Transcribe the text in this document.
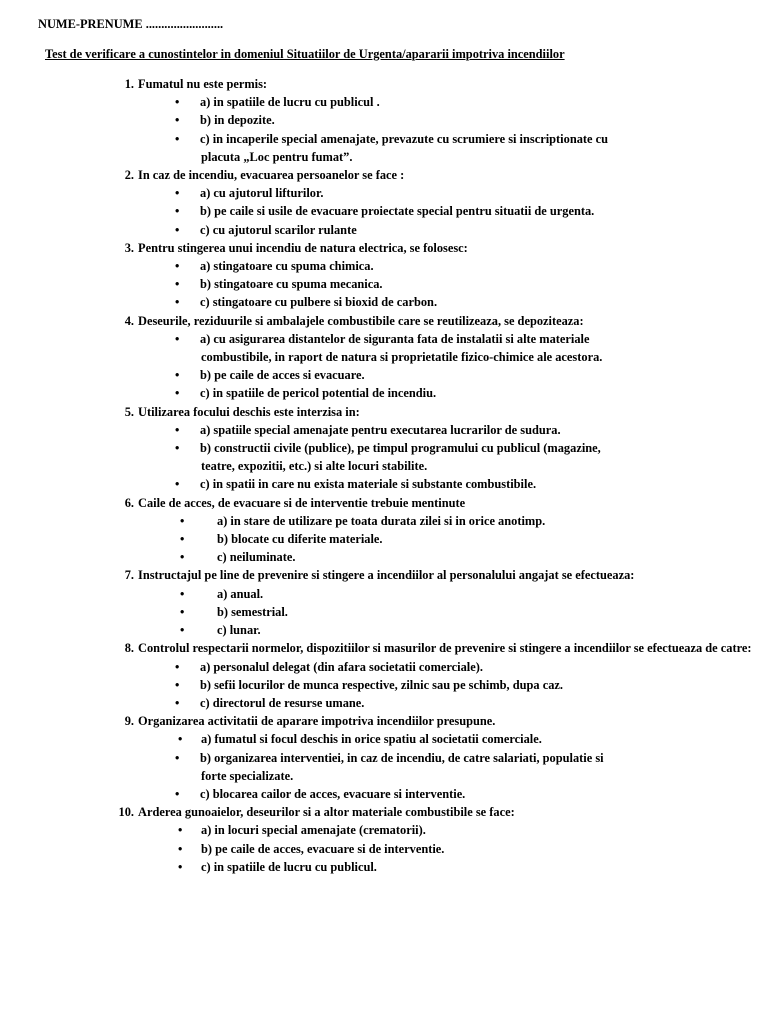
NUME-PRENUME .........................
Test de verificare a cunostintelor in domeniul Situatiilor de Urgenta/apararii impotriva incendiilor
1. Fumatul nu este permis:
• a) in spatiile de lucru cu publicul .
• b) in depozite.
• c) in incaperile special amenajate, prevazute cu scrumiere si inscriptionate cu
placuta „Loc pentru fumat”.
2. In caz de incendiu, evacuarea persoanelor se face :
• a) cu ajutorul lifturilor.
• b) pe caile si usile de evacuare proiectate special pentru situatii de urgenta.
• c) cu ajutorul scarilor rulante
3. Pentru stingerea unui incendiu de natura electrica, se folosesc:
• a) stingatoare cu spuma chimica.
• b) stingatoare cu spuma mecanica.
• c) stingatoare cu pulbere si bioxid de carbon.
4. Deseurile, reziduurile si ambalajele combustibile care se reutilizeaza, se depoziteaza:
• a) cu asigurarea distantelor de siguranta fata de instalatii si alte materiale
combustibile, in raport de natura si proprietatile fizico-chimice ale acestora.
• b) pe caile de acces si evacuare.
• c) in spatiile de pericol potential de incendiu.
5. Utilizarea focului deschis este interzisa in:
• a) spatiile special amenajate pentru executarea lucrarilor de sudura.
• b) constructii civile (publice), pe timpul programului cu publicul (magazine,
teatre, expozitii, etc.) si alte locuri stabilite.
• c) in spatii in care nu exista materiale si substante combustibile.
6. Caile de acces, de evacuare si de interventie trebuie mentinute
•	a) in stare de utilizare pe toata durata zilei si in orice anotimp.
•	b) blocate cu diferite materiale.
•	c) neiluminate.
7. Instructajul pe line de prevenire si stingere a incendiilor al personalului angajat se efectueaza:
•	a) anual.
•	b) semestrial.
•	c) lunar.
8. Controlul respectarii normelor, dispozitiilor si masurilor de prevenire si stingere a incendiilor se efectueaza de catre:
• a) personalul delegat (din afara societatii comerciale).
• b) sefii locurilor de munca respective, zilnic sau pe schimb, dupa caz.
• c) directorul de resurse umane.
9. Organizarea activitatii de aparare impotriva incendiilor presupune.
• a) fumatul si focul deschis in orice spatiu al societatii comerciale.
• b) organizarea interventiei, in caz de incendiu, de catre salariati, populatie si
forte specializate.
• c) blocarea cailor de acces, evacuare si interventie.
10. Arderea gunoaielor, deseurilor si a altor materiale combustibile se face:
• a) in locuri special amenajate (crematorii).
• b) pe caile de acces, evacuare si de interventie.
• c) in spatiile de lucru cu publicul.
